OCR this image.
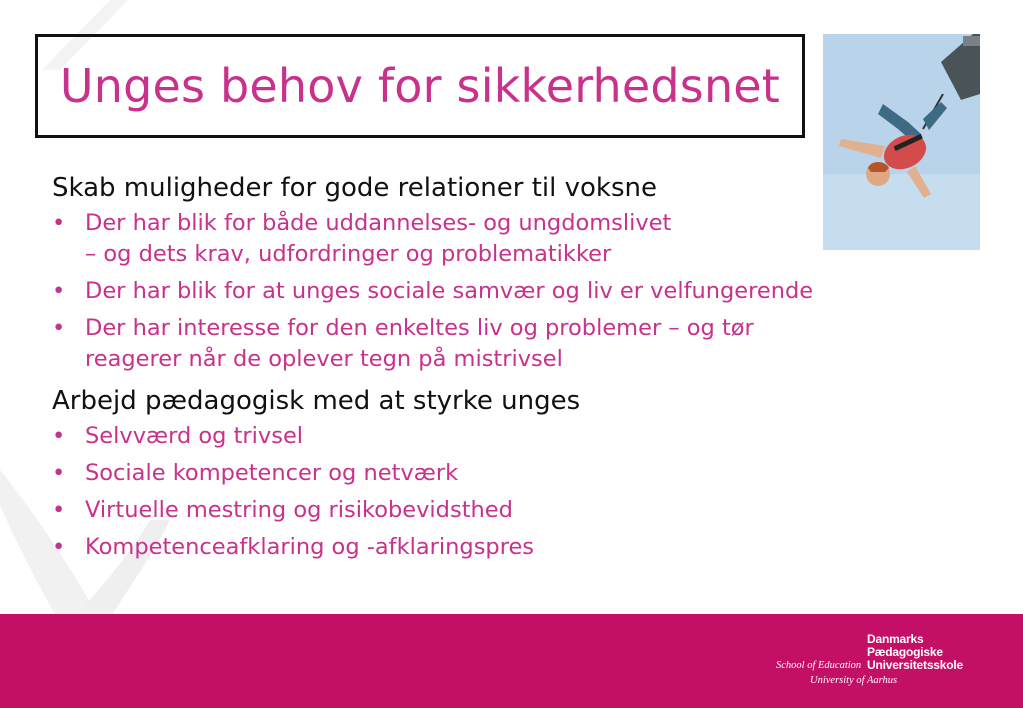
Unges behov for sikkerhedsnet

Skab muligheder for gode relationer til voksne

• Der har blik for både uddannelses- og ungdomslivet
– og dets krav, udfordringer og problematikker
• Der har blik for at unges sociale samvær og liv er velfungerende
• Der har interesse for den enkeltes liv og problemer – og tør
reagerer når de oplever tegn på mistrivsel

Arbejd pædagogisk med at styrke unges

• Selvværd og trivsel
• Sociale kompetencer og netværk
• Virtuelle mestring og risikobevidsthed
• Kompetenceafklaring og -afklaringspres
Danmarks
Pædagogiske
Universitetsskole
School of Education
University of Aarhus
